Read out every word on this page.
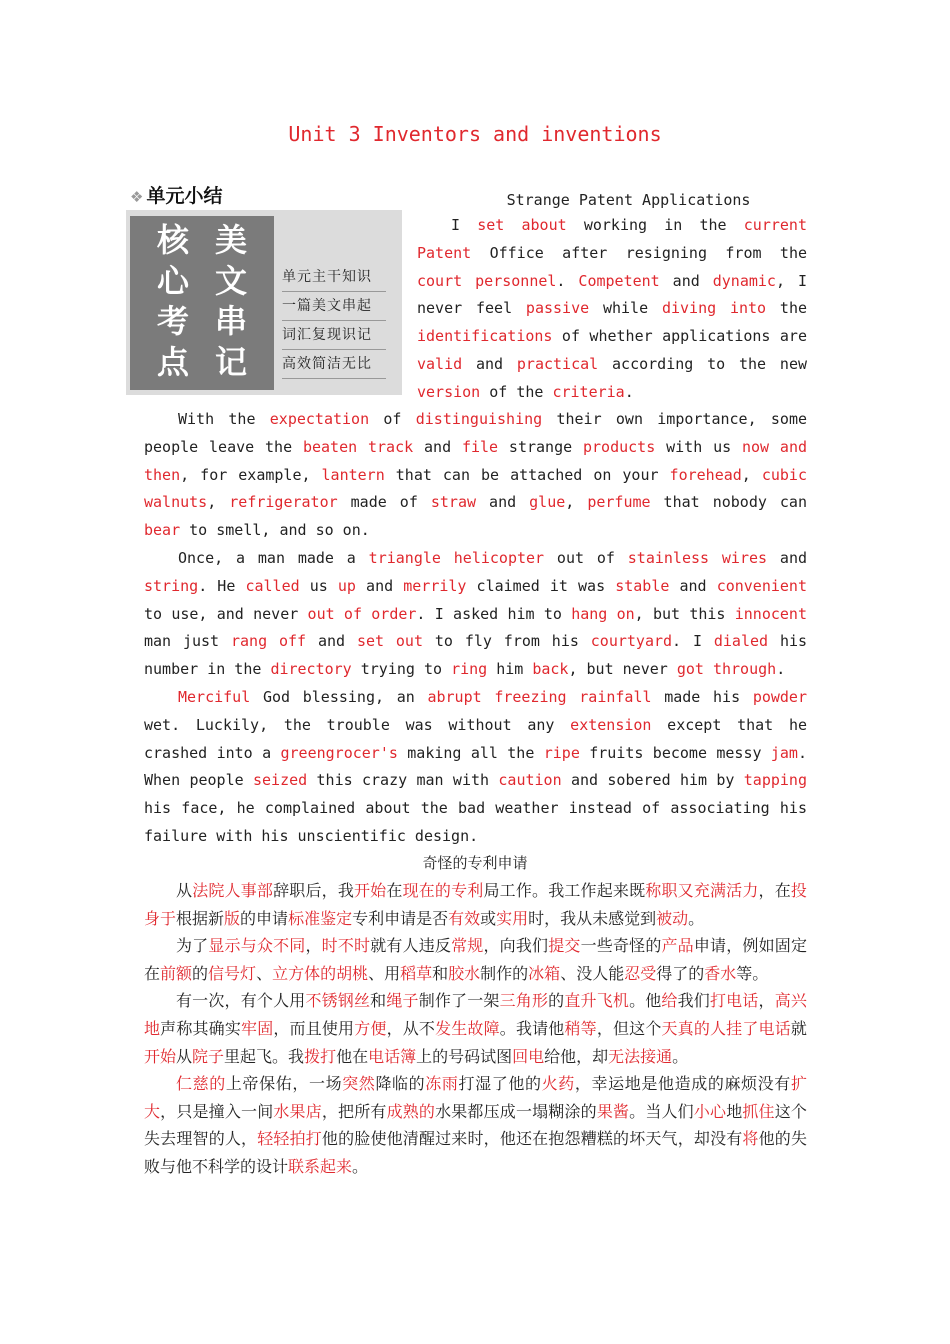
Unit 3 Inventors and inventions
❖ 单元小结
核 美
心 文
考 串
点 记
单元主干知识
一篇美文串起
词汇复现识记
高效简洁无比
Strange Patent Applications
I set about working in the current Patent Office after resigning from the court personnel. Competent and dynamic, I never feel passive while diving into the identifications of whether applications are valid and practical according to the new version of the criteria.

With the expectation of distinguishing their own importance, some people leave the beaten track and file strange products with us now and then, for example, lantern that can be attached on your forehead, cubic walnuts, refrigerator made of straw and glue, perfume that nobody can bear to smell, and so on.

Once, a man made a triangle helicopter out of stainless wires and string. He called us up and merrily claimed it was stable and convenient to use, and never out of order. I asked him to hang on, but this innocent man just rang off and set out to fly from his courtyard. I dialed his number in the directory trying to ring him back, but never got through.

Merciful God blessing, an abrupt freezing rainfall made his powder wet. Luckily, the trouble was without any extension except that he crashed into a greengrocer's making all the ripe fruits become messy jam. When people seized this crazy man with caution and sobered him by tapping his face, he complained about the bad weather instead of associating his failure with his unscientific design.

奇怪的专利申请

从法院人事部辞职后，我开始在现在的专利局工作。我工作起来既称职又充满活力，在投身于根据新版的申请标准鉴定专利申请是否有效或实用时，我从未感觉到被动。

为了显示与众不同，时不时就有人违反常规，向我们提交一些奇怪的产品申请，例如固定在前额的信号灯、立方体的胡桃、用稻草和胶水制作的冰箱、没人能忍受得了的香水等。

有一次，有个人用不锈钢丝和绳子制作了一架三角形的直升飞机。他给我们打电话，高兴地声称其确实牢固，而且使用方便，从不发生故障。我请他稍等，但这个天真的人挂了电话就开始从院子里起飞。我拨打他在电话簿上的号码试图回电给他，却无法接通。

仁慈的上帝保佑，一场突然降临的冻雨打湿了他的火药，幸运地是他造成的麻烦没有扩大，只是撞入一间水果店，把所有成熟的水果都压成一塌糊涂的果酱。当人们小心地抓住这个失去理智的人，轻轻拍打他的脸使他清醒过来时，他还在抱怨糟糕的坏天气，却没有将他的失败与他不科学的设计联系起来。
